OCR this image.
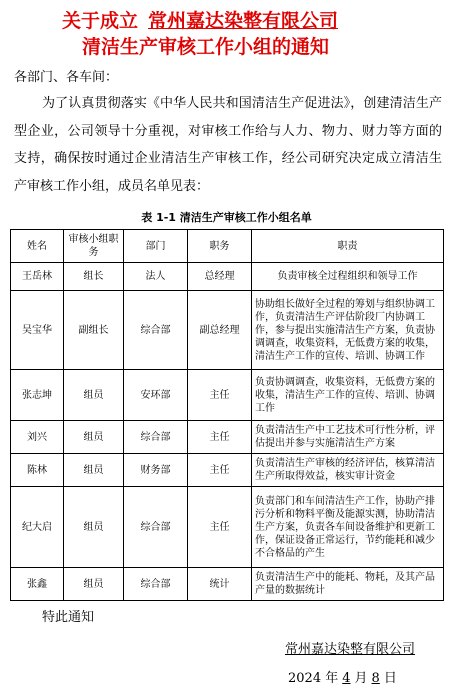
关于成立 常州嘉达染整有限公司
清洁生产审核工作小组的通知
各部门、各车间：
为了认真贯彻落实《中华人民共和国清洁生产促进法》，创建清洁生产型企业，公司领导十分重视，对审核工作给与人力、物力、财力等方面的支持，确保按时通过企业清洁生产审核工作，经公司研究决定成立清洁生产审核工作小组，成员名单见表：
表 1-1 清洁生产审核工作小组名单
姓名	审核小组职务	部门	职务	职责
王岳林	组长	法人	总经理	负责审核全过程组织和领导工作
吴宝华	副组长	综合部	副总经理	协助组长做好全过程的筹划与组织协调工作，负责清洁生产评估阶段厂内协调工作，参与提出实施清洁生产方案，负责协调调查，收集资料，无低费方案的收集，清洁生产工作的宣传、培训、协调工作
张志坤	组员	安环部	主任	负责协调调查，收集资料，无低费方案的收集，清洁生产工作的宣传、培训、协调工作
刘兴	组员	综合部	主任	负责清洁生产中工艺技术可行性分析，评估提出并参与实施清洁生产方案
陈林	组员	财务部	主任	负责清洁生产审核的经济评估，核算清洁生产所取得效益，核实审计资金
纪大启	组员	综合部	主任	负责部门和车间清洁生产工作，协助产排污分析和物料平衡及能源实测，协助清洁生产方案，负责各车间设备维护和更新工作，保证设备正常运行，节约能耗和减少不合格品的产生
张鑫	组员	综合部	统计	负责清洁生产中的能耗、物耗，及其产品产量的数据统计
特此通知
常州嘉达染整有限公司
2024 年 4 月 8 日
